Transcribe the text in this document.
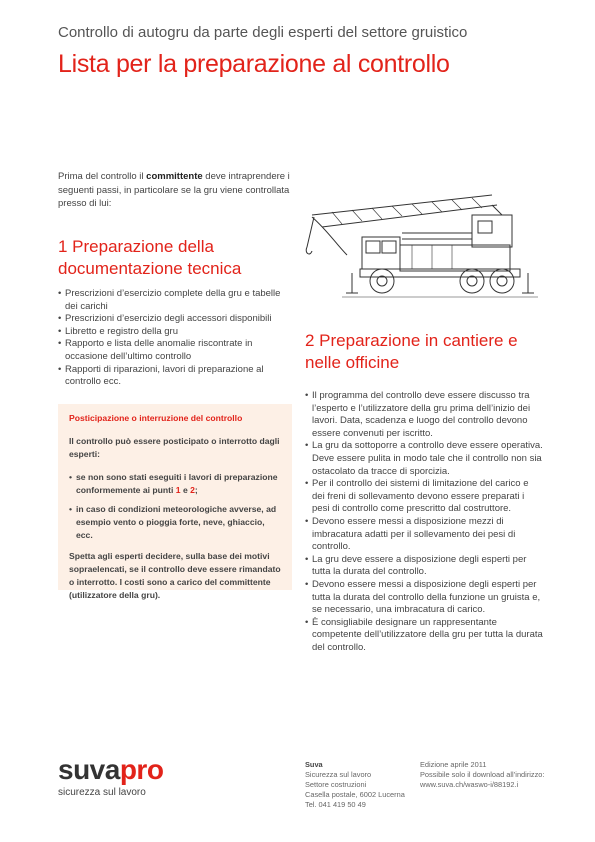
Controllo di autogru da parte degli esperti del settore gruistico
Lista per la preparazione al controllo
Prima del controllo il committente deve intraprendere i seguenti passi, in particolare se la gru viene controllata presso di lui:
1 Preparazione della documentazione tecnica
• Prescrizioni d’esercizio complete della gru e tabelle dei carichi
• Prescrizioni d’esercizio degli accessori disponibili
• Libretto e registro della gru
• Rapporto e lista delle anomalie riscontrate in occasione dell’ultimo controllo
• Rapporti di riparazioni, lavori di preparazione al controllo ecc.
Posticipazione o interruzione del controllo

Il controllo può essere posticipato o interrotto dagli esperti:

• se non sono stati eseguiti i lavori di preparazione conformemente ai punti 1 e 2;
• in caso di condizioni meteorologiche avverse, ad esempio vento o pioggia forte, neve, ghiaccio, ecc.

Spetta agli esperti decidere, sulla base dei motivi sopraelencati, se il controllo deve essere rimandato o interrotto. I costi sono a carico del committente (utilizzatore della gru).

2 Preparazione in cantiere e nelle officine
• Il programma del controllo deve essere discusso tra l’esperto e l’utilizzatore della gru prima dell’inizio dei lavori. Data, scadenza e luogo del controllo devono essere convenuti per iscritto.
• La gru da sottoporre a controllo deve essere operativa. Deve essere pulita in modo tale che il controllo non sia ostacolato da tracce di sporcizia.
• Per il controllo dei sistemi di limitazione del carico e dei freni di sollevamento devono essere preparati i pesi di controllo come prescritto dal costruttore.
• Devono essere messi a disposizione mezzi di imbracatura adatti per il sollevamento dei pesi di controllo.
• La gru deve essere a disposizione degli esperti per tutta la durata del controllo.
• Devono essere messi a disposizione degli esperti per tutta la durata del controllo della funzione un gruista e, se necessario, una imbracatura di carico.
• È consigliabile designare un rappresentante competente dell’utilizzatore della gru per tutta la durata del controllo.
suvapro
sicurezza sul lavoro
Suva
Sicurezza sul lavoro
Settore costruzioni
Casella postale, 6002 Lucerna
Tel. 041 419 50 49
Edizione aprile 2011
Possibile solo il download all’indirizzo:
www.suva.ch/waswo-i/88192.i
